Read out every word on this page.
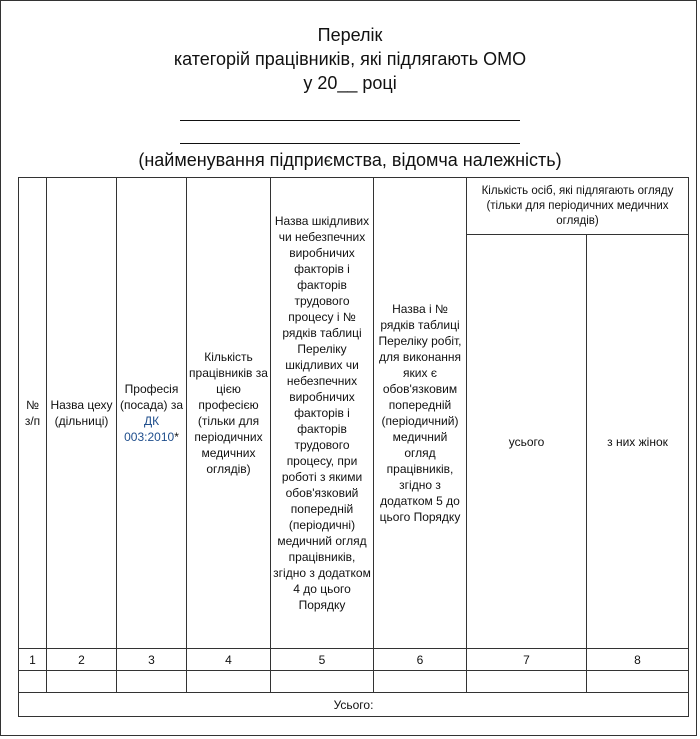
Перелік
категорій працівників, які підлягають ОМО
у 20__ році
(найменування підприємства, відомча належність)
№ з/п	Назва цеху (дільниці)	Професія (посада) за ДК 003:2010*	Кількість працівників за цією професією (тільки для періодичних медичних оглядів)	Назва шкідливих чи небезпечних виробничих факторів і факторів трудового процесу і № рядків таблиці Переліку шкідливих чи небезпечних виробничих факторів і факторів трудового процесу, при роботі з якими обов'язковий попередній (періодичні) медичний огляд працівників, згідно з додатком 4 до цього Порядку	Назва і № рядків таблиці Переліку робіт, для виконання яких є обов'язковим попередній (періодичний) медичний огляд працівників, згідно з додатком 5 до цього Порядку	Кількість осіб, які підлягають огляду (тільки для періодичних медичних оглядів)	
						усього	з них жінок
1	2	3	4	5	6	7	8

Усього:							
